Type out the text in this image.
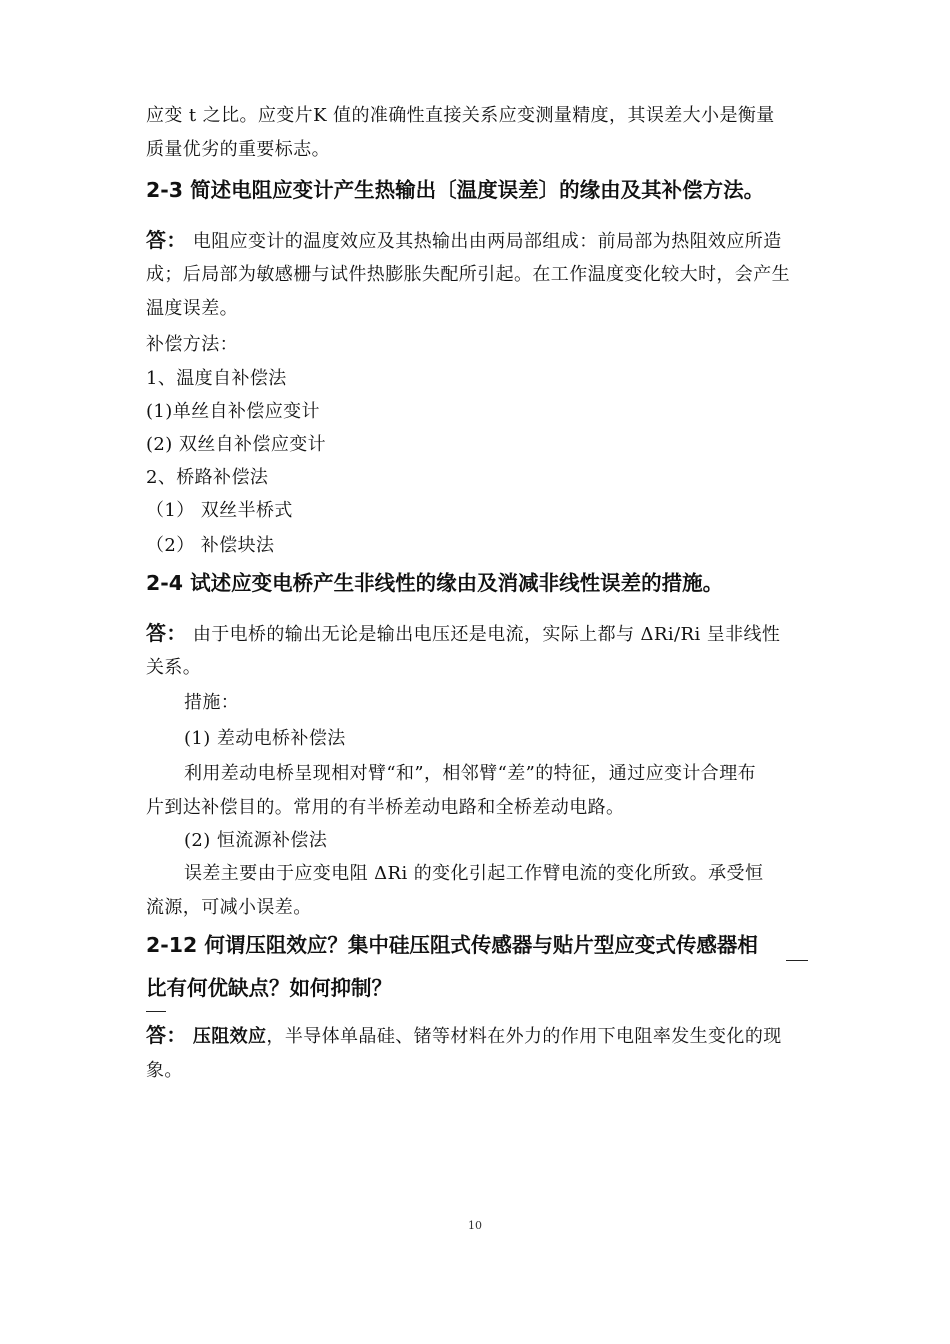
应变 t 之比。应变片K 值的准确性直接关系应变测量精度，其误差大小是衡量
质量优劣的重要标志。
2-3 简述电阻应变计产生热输出〔温度误差〕的缘由及其补偿方法。
答： 电阻应变计的温度效应及其热输出由两局部组成：前局部为热阻效应所造
成；后局部为敏感栅与试件热膨胀失配所引起。在工作温度变化较大时，会产生
温度误差。
补偿方法：
1、温度自补偿法
(1)单丝自补偿应变计
(2) 双丝自补偿应变计
2、桥路补偿法
（1） 双丝半桥式
（2） 补偿块法
2-4 试述应变电桥产生非线性的缘由及消减非线性误差的措施。
答： 由于电桥的输出无论是输出电压还是电流，实际上都与 ΔRi/Ri 呈非线性
关系。
措施：
(1) 差动电桥补偿法
利用差动电桥呈现相对臂“和”，相邻臂“差”的特征，通过应变计合理布
片到达补偿目的。常用的有半桥差动电路和全桥差动电路。
(2) 恒流源补偿法
误差主要由于应变电阻 ΔRi 的变化引起工作臂电流的变化所致。承受恒
流源，可减小误差。
2-12 何谓压阻效应？集中硅压阻式传感器与贴片型应变式传感器相
比有何优缺点？如何抑制？
答： 压阻效应，半导体单晶硅、锗等材料在外力的作用下电阻率发生变化的现
象。
10
